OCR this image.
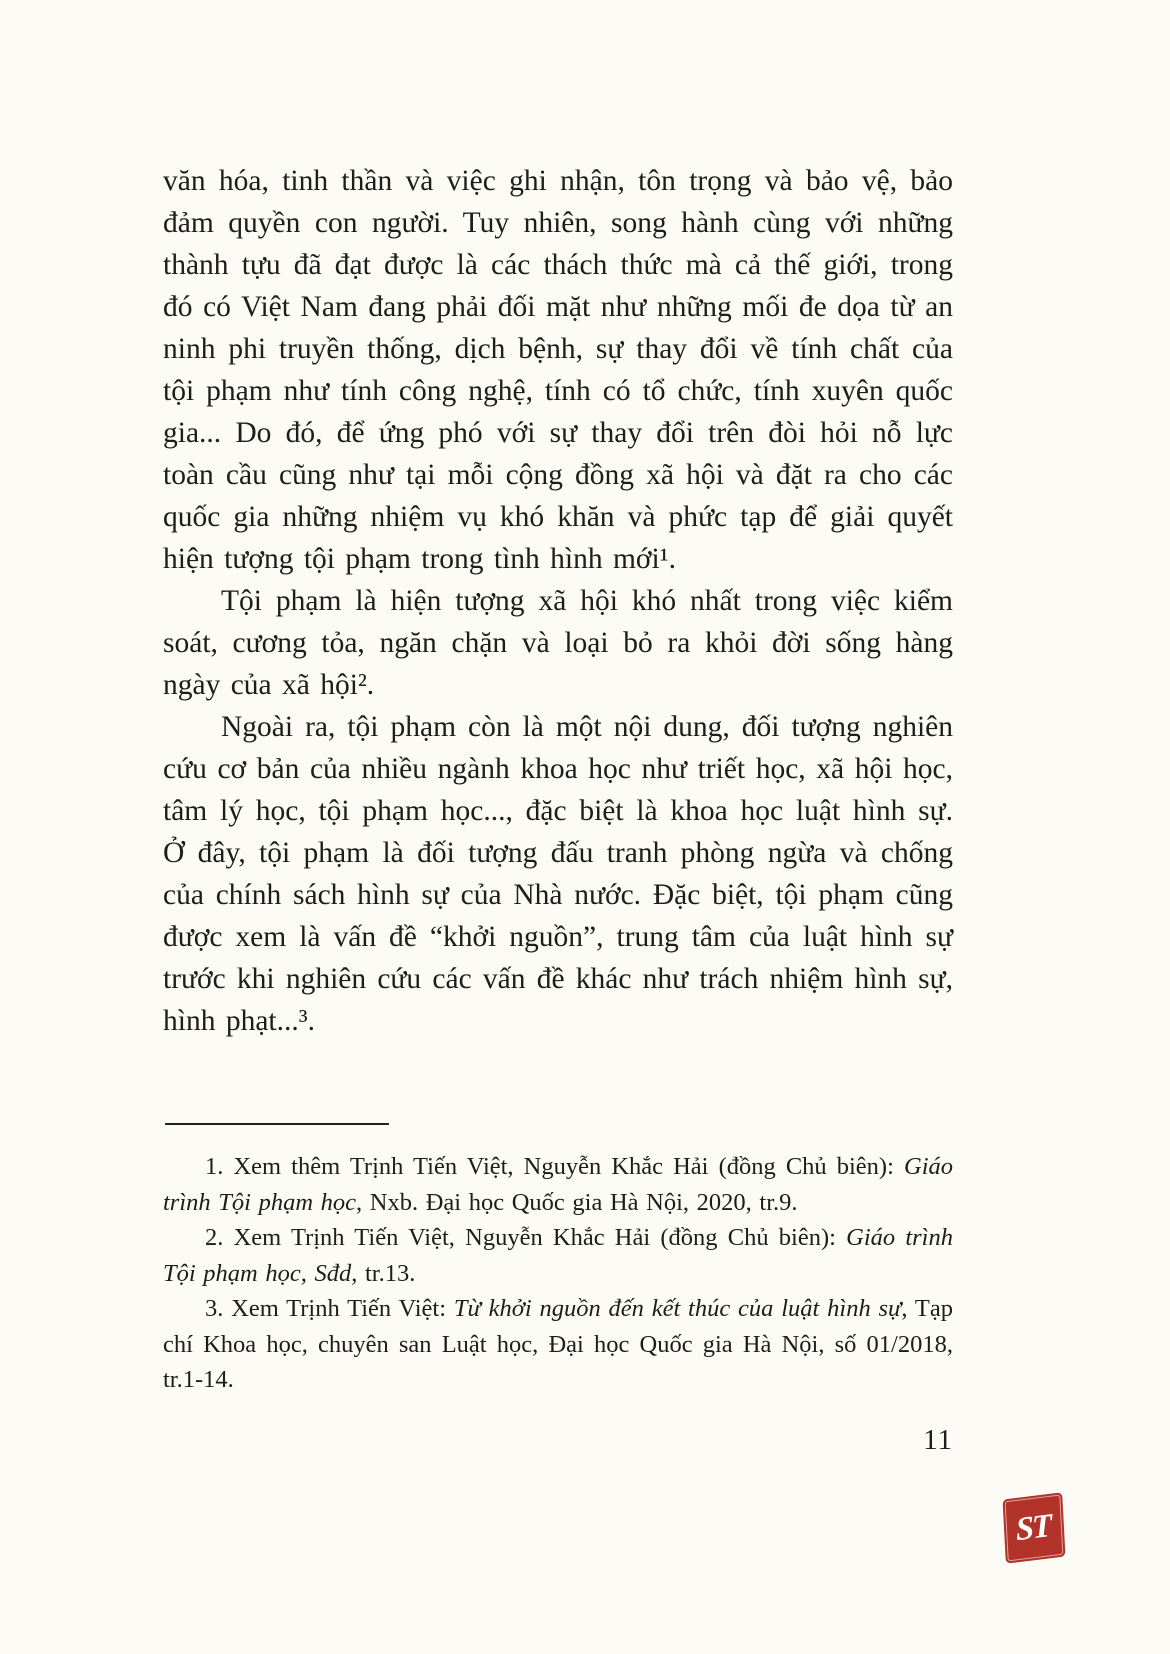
văn hóa, tinh thần và việc ghi nhận, tôn trọng và bảo vệ, bảo đảm quyền con người. Tuy nhiên, song hành cùng với những thành tựu đã đạt được là các thách thức mà cả thế giới, trong đó có Việt Nam đang phải đối mặt như những mối đe dọa từ an ninh phi truyền thống, dịch bệnh, sự thay đổi về tính chất của tội phạm như tính công nghệ, tính có tổ chức, tính xuyên quốc gia... Do đó, để ứng phó với sự thay đổi trên đòi hỏi nỗ lực toàn cầu cũng như tại mỗi cộng đồng xã hội và đặt ra cho các quốc gia những nhiệm vụ khó khăn và phức tạp để giải quyết hiện tượng tội phạm trong tình hình mới¹.

Tội phạm là hiện tượng xã hội khó nhất trong việc kiểm soát, cương tỏa, ngăn chặn và loại bỏ ra khỏi đời sống hàng ngày của xã hội².

Ngoài ra, tội phạm còn là một nội dung, đối tượng nghiên cứu cơ bản của nhiều ngành khoa học như triết học, xã hội học, tâm lý học, tội phạm học..., đặc biệt là khoa học luật hình sự. Ở đây, tội phạm là đối tượng đấu tranh phòng ngừa và chống của chính sách hình sự của Nhà nước. Đặc biệt, tội phạm cũng được xem là vấn đề “khởi nguồn”, trung tâm của luật hình sự trước khi nghiên cứu các vấn đề khác như trách nhiệm hình sự, hình phạt...³.

1. Xem thêm Trịnh Tiến Việt, Nguyễn Khắc Hải (đồng Chủ biên): Giáo trình Tội phạm học, Nxb. Đại học Quốc gia Hà Nội, 2020, tr.9.

2. Xem Trịnh Tiến Việt, Nguyễn Khắc Hải (đồng Chủ biên): Giáo trình Tội phạm học, Sđd, tr.13.

3. Xem Trịnh Tiến Việt: Từ khởi nguồn đến kết thúc của luật hình sự, Tạp chí Khoa học, chuyên san Luật học, Đại học Quốc gia Hà Nội, số 01/2018, tr.1-14.

11
ST
